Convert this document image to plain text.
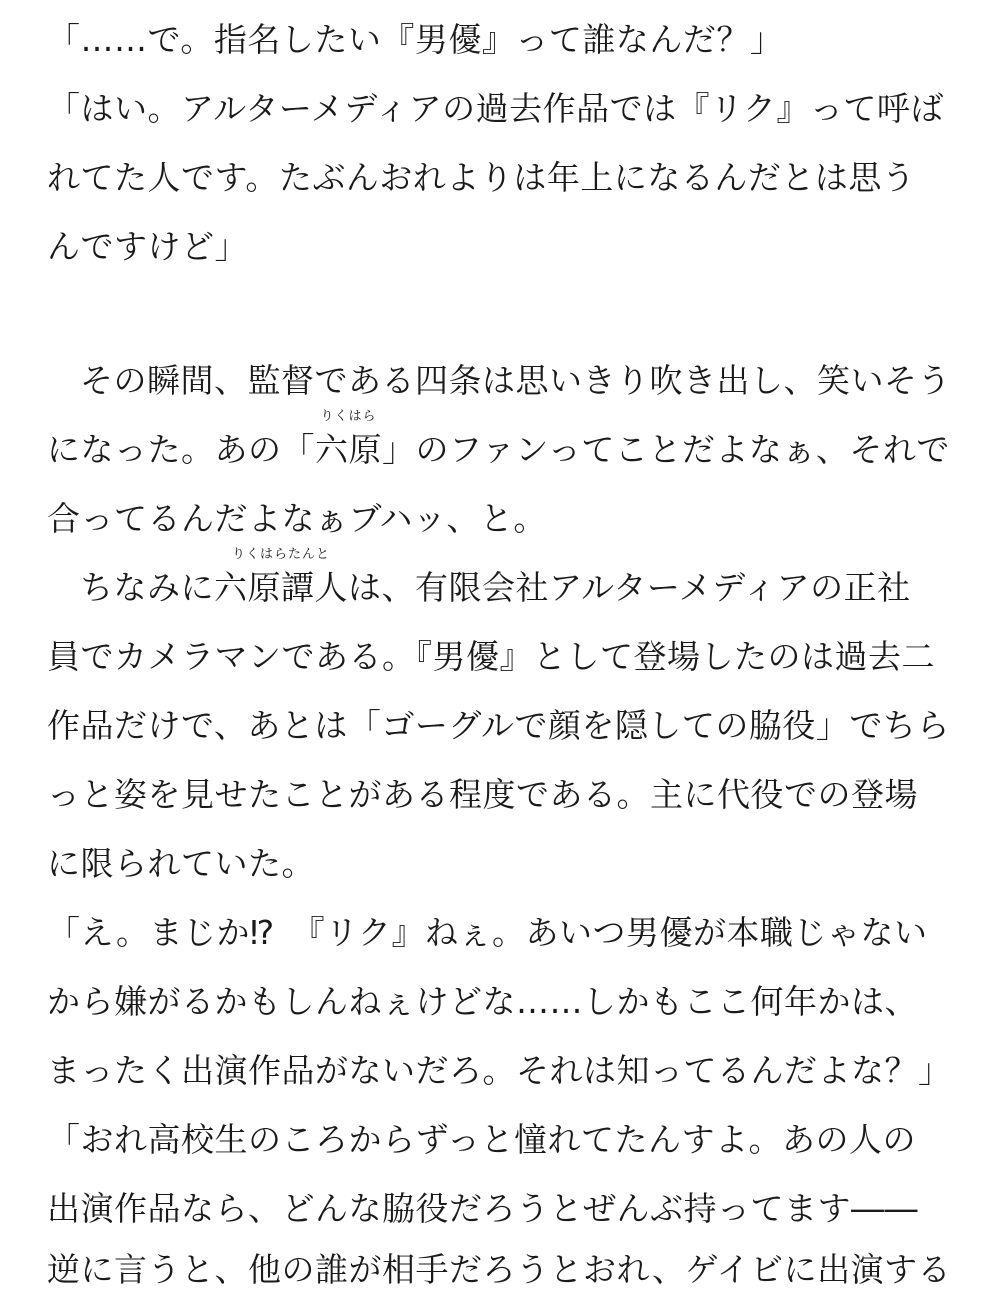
「……で。指名したい『男優』って誰なんだ？」
「はい。アルターメディアの過去作品では『リク』って呼ば
れてた人です。たぶんおれよりは年上になるんだとは思う
んですけど」
その瞬間、監督である四条は思いきり吹き出し、笑いそう
になった。あの「
りくはら
六原」のファンってことだよなぁ、それで
合ってるんだよなぁブハッ、と。
ちなみに
りくはらたんと
六原譚人は、有限会社アルターメディアの正社
員でカメラマンである。『男優』として登場したのは過去二
作品だけで、あとは「ゴーグルで顔を隠しての脇役」でちら
っと姿を見せたことがある程度である。主に代役での登場
に限られていた。
「え。まじか⁉　『リク』ねぇ。あいつ男優が本職じゃない
から嫌がるかもしんねぇけどな……しかもここ何年かは、
まったく出演作品がないだろ。それは知ってるんだよな？」
「おれ高校生のころからずっと憧れてたんすよ。あの人の
出演作品なら、どんな脇役だろうとぜんぶ持ってます――
逆に言うと、他の誰が相手だろうとおれ、ゲイビに出演する
